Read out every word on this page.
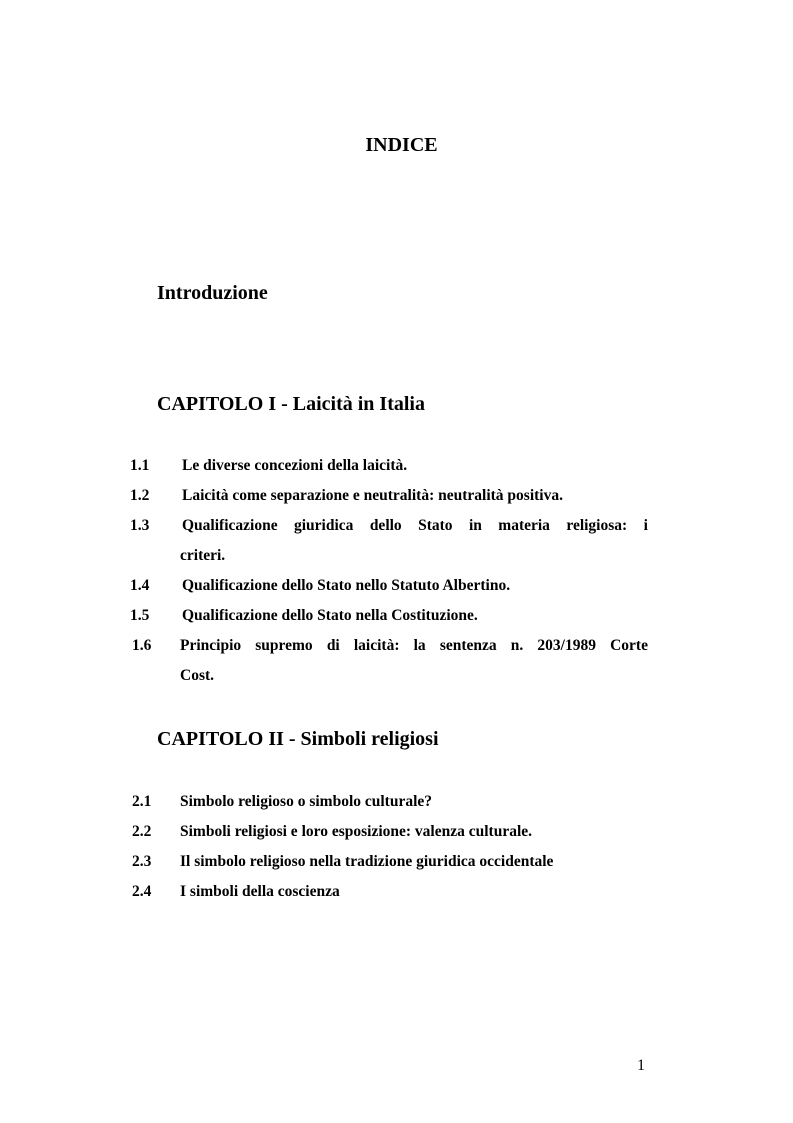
INDICE
Introduzione
CAPITOLO I - Laicità in Italia
1.1 Le diverse concezioni della laicità.
1.2 Laicità come separazione e neutralità: neutralità positiva.
1.3 Qualificazione giuridica dello Stato in materia religiosa: i
criteri.
1.4 Qualificazione dello Stato nello Statuto Albertino.
1.5 Qualificazione dello Stato nella Costituzione.
1.6 Principio supremo di laicità: la sentenza n. 203/1989 Corte
Cost.
CAPITOLO II - Simboli religiosi
2.1 Simbolo religioso o simbolo culturale?
2.2 Simboli religiosi e loro esposizione: valenza culturale.
2.3 Il simbolo religioso nella tradizione giuridica occidentale
2.4 I simboli della coscienza
1
